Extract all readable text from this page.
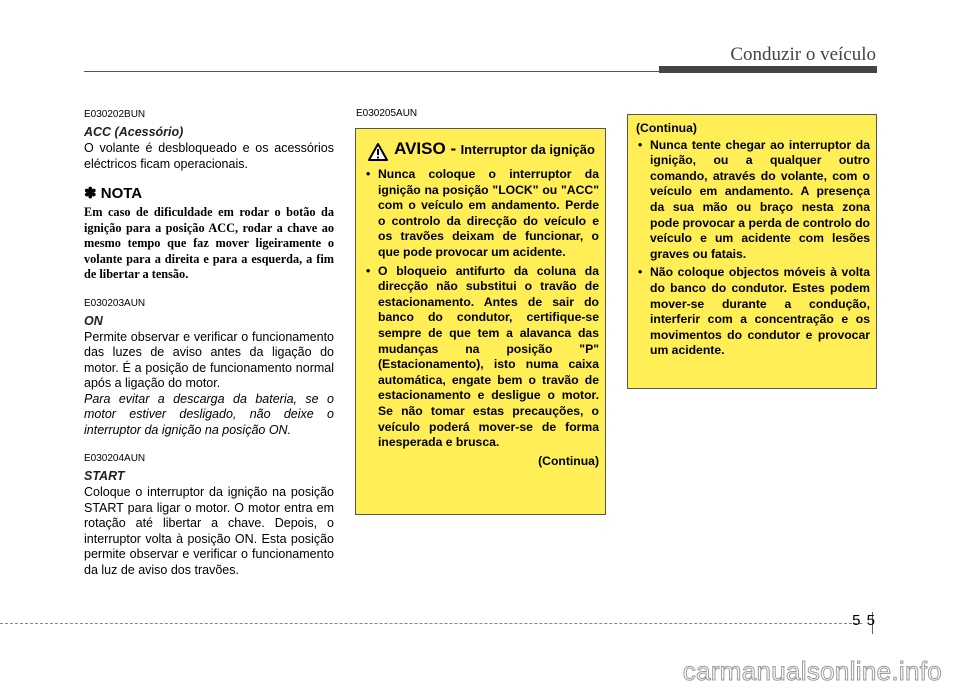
Conduzir o veículo

E030202BUN

ACC (Acessório)

O volante é desbloqueado e os acessórios eléctricos ficam operacionais.

✽ NOTA

Em caso de dificuldade em rodar o botão da ignição para a posição ACC, rodar a chave ao mesmo tempo que faz mover ligeiramente o volante para a direita e para a esquerda, a fim de libertar a tensão.

E030203AUN

ON

Permite observar e verificar o funcionamento das luzes de aviso antes da ligação do motor. É a posição de funcionamento normal após a ligação do motor.

Para evitar a descarga da bateria, se o motor estiver desligado, não deixe o interruptor da ignição na posição ON.

E030204AUN

START

Coloque o interruptor da ignição na posição START para ligar o motor. O motor entra em rotação até libertar a chave. Depois, o interruptor volta à posição ON. Esta posição permite observar e verificar o funcionamento da luz de aviso dos travões.

E030205AUN
AVISO - Interruptor da ignição
• Nunca coloque o interruptor da ignição na posição "LOCK" ou "ACC" com o veículo em andamento. Perde o controlo da direcção do veículo e os travões deixam de funcionar, o que pode provocar um acidente.
• O bloqueio antifurto da coluna da direcção não substitui o travão de estacionamento. Antes de sair do banco do condutor, certifique-se sempre de que tem a alavanca das mudanças na posição "P" (Estacionamento), isto numa caixa automática, engate bem o travão de estacionamento e desligue o motor. Se não tomar estas precauções, o veículo poderá mover-se de forma inesperada e brusca.
(Continua)
(Continua)
• Nunca tente chegar ao interruptor da ignição, ou a qualquer outro comando, através do volante, com o veículo em andamento. A presença da sua mão ou braço nesta zona pode provocar a perda de controlo do veículo e um acidente com lesões graves ou fatais.
• Não coloque objectos móveis à volta do banco do condutor. Estes podem mover-se durante a condução, interferir com a concentração e os movimentos do condutor e provocar um acidente.
5 5
carmanualsonline.info
